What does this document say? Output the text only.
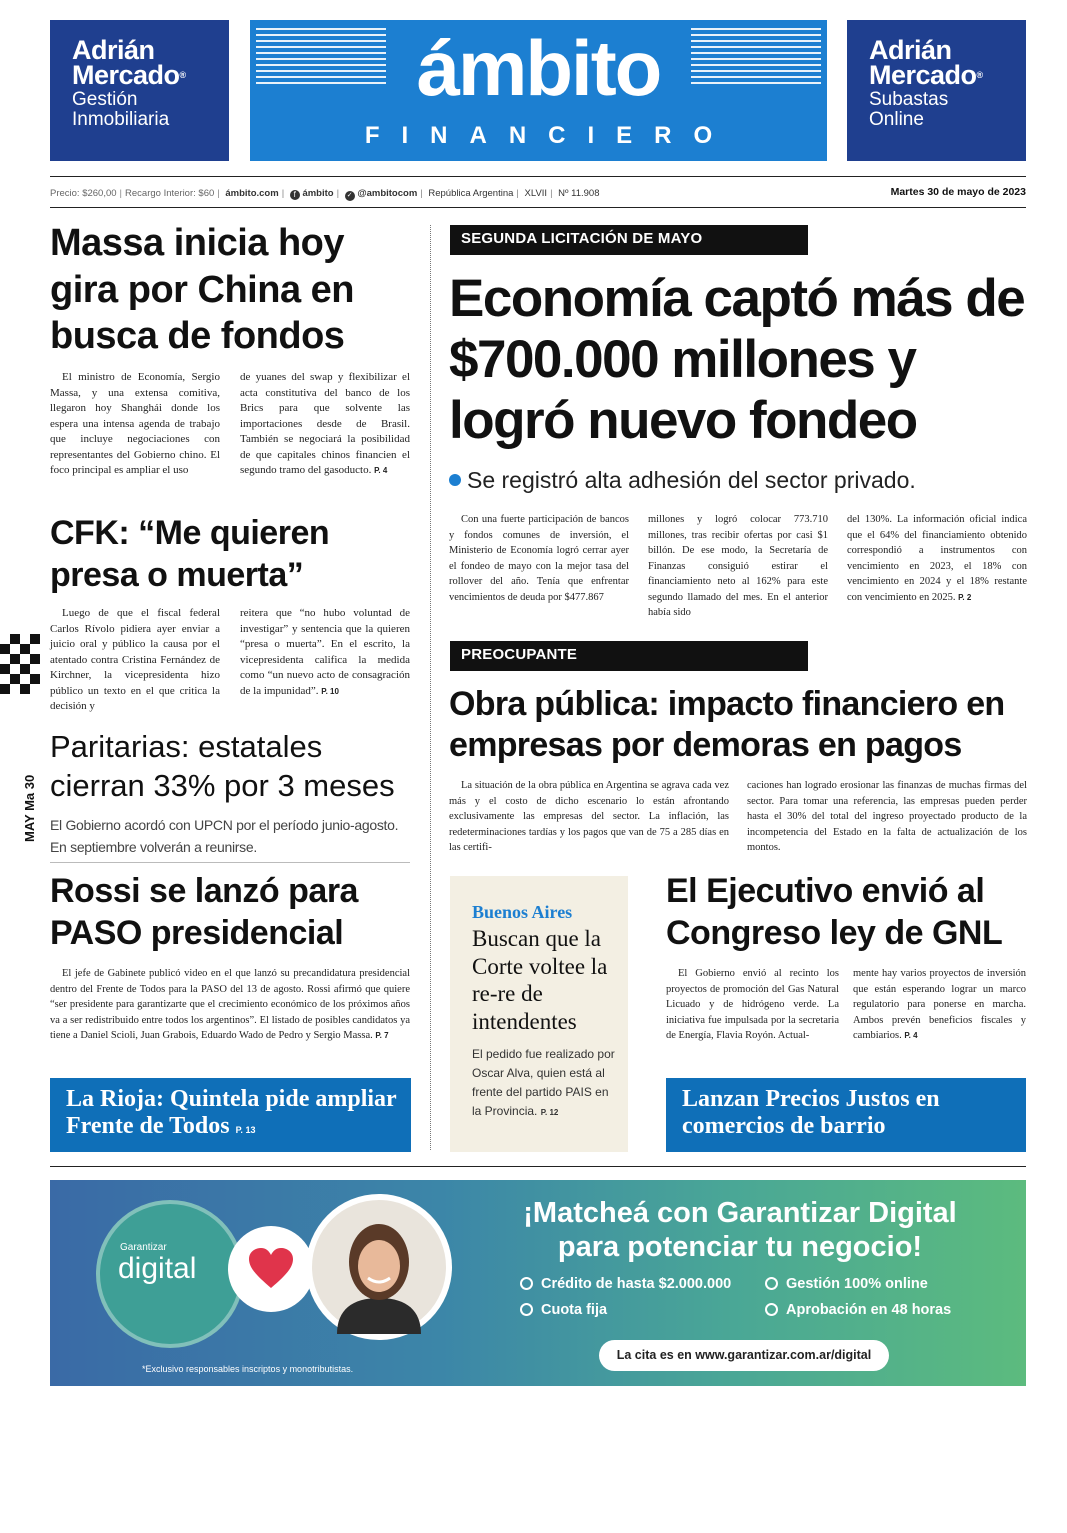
Adrián
Mercado®
Gestión
Inmobiliaria
ámbito
FINANCIERO
Adrián
Mercado®
Subastas
Online
Precio: $260,00 | Recargo Interior: $60 | ámbito.com | f ámbito | ✓ @ambitocom | República Argentina | XLVII | Nº 11.908	Martes 30 de mayo de 2023
MAY Ma 30
Massa inicia hoy gira por China en busca de fondos
El ministro de Economía, Sergio Massa, y una extensa comitiva, llegaron hoy Shanghái donde los espera una intensa agenda de trabajo que incluye negociaciones con representantes del Gobierno chino. El foco principal es ampliar el uso
de yuanes del swap y flexibilizar el acta constitutiva del banco de los Brics para que solvente las importaciones desde de Brasil. También se negociará la posibilidad de que capitales chinos financien el segundo tramo del gasoducto. P. 4
CFK: “Me quieren presa o muerta”
Luego de que el fiscal federal Carlos Rívolo pidiera ayer enviar a juicio oral y público la causa por el atentado contra Cristina Fernández de Kirchner, la vicepresidenta hizo público un texto en el que critica la decisión y
reitera que “no hubo voluntad de investigar” y sentencia que la quieren “presa o muerta”. En el escrito, la vicepresidenta califica la medida como “un nuevo acto de consagración de la impunidad”. P. 10
Paritarias: estatales cierran 33% por 3 meses
El Gobierno acordó con UPCN por el período junio-agosto. En septiembre volverán a reunirse.
Rossi se lanzó para PASO presidencial
El jefe de Gabinete publicó video en el que lanzó su precandidatura presidencial dentro del Frente de Todos para la PASO del 13 de agosto. Rossi afirmó que quiere “ser presidente para garantizarte que el crecimiento económico de los próximos años va a ser redistribuido entre todos los argentinos”. El listado de posibles candidatos ya tiene a Daniel Scioli, Juan Grabois, Eduardo Wado de Pedro y Sergio Massa. P. 7
La Rioja: Quintela pide ampliar Frente de Todos P. 13
SEGUNDA LICITACIÓN DE MAYO
Economía captó más de $700.000 millones y logró nuevo fondeo
Se registró alta adhesión del sector privado.
Con una fuerte participación de bancos y fondos comunes de inversión, el Ministerio de Economía logró cerrar ayer el fondeo de mayo con la mejor tasa del rollover del año. Tenía que enfrentar vencimientos de deuda por $477.867
millones y logró colocar 773.710 millones, tras recibir ofertas por casi $1 billón. De ese modo, la Secretaría de Finanzas consiguió estirar el financiamiento neto al 162% para este segundo llamado del mes. En el anterior había sido
del 130%. La información oficial indica que el 64% del financiamiento obtenido correspondió a instrumentos con vencimiento en 2023, el 18% con vencimiento en 2024 y el 18% restante con vencimiento en 2025. P. 2
PREOCUPANTE
Obra pública: impacto financiero en empresas por demoras en pagos
La situación de la obra pública en Argentina se agrava cada vez más y el costo de dicho escenario lo están afrontando exclusivamente las empresas del sector. La inflación, las redeterminaciones tardías y los pagos que van de 75 a 285 días en las certifi-
caciones han logrado erosionar las finanzas de muchas firmas del sector. Para tomar una referencia, las empresas pueden perder hasta el 30% del total del ingreso proyectado producto de la incompetencia del Estado en la falta de actualización de los montos.
Buenos Aires
Buscan que la Corte voltee la re-re de intendentes
El pedido fue realizado por Oscar Alva, quien está al frente del partido PAIS en la Provincia. P. 12
El Ejecutivo envió al Congreso ley de GNL
El Gobierno envió al recinto los proyectos de promoción del Gas Natural Licuado y de hidrógeno verde. La iniciativa fue impulsada por la secretaria de Energía, Flavia Royón. Actual-
mente hay varios proyectos de inversión que están esperando lograr un marco regulatorio para ponerse en marcha. Ambos prevén beneficios fiscales y cambiarios. P. 4
Lanzan Precios Justos en comercios de barrio
Garantizar
digital
¡Matcheá con Garantizar Digital
para potenciar tu negocio!
Crédito de hasta $2.000.000	Gestión 100% online
Cuota fija	Aprobación en 48 horas
La cita es en www.garantizar.com.ar/digital
*Exclusivo responsables inscriptos y monotributistas.
